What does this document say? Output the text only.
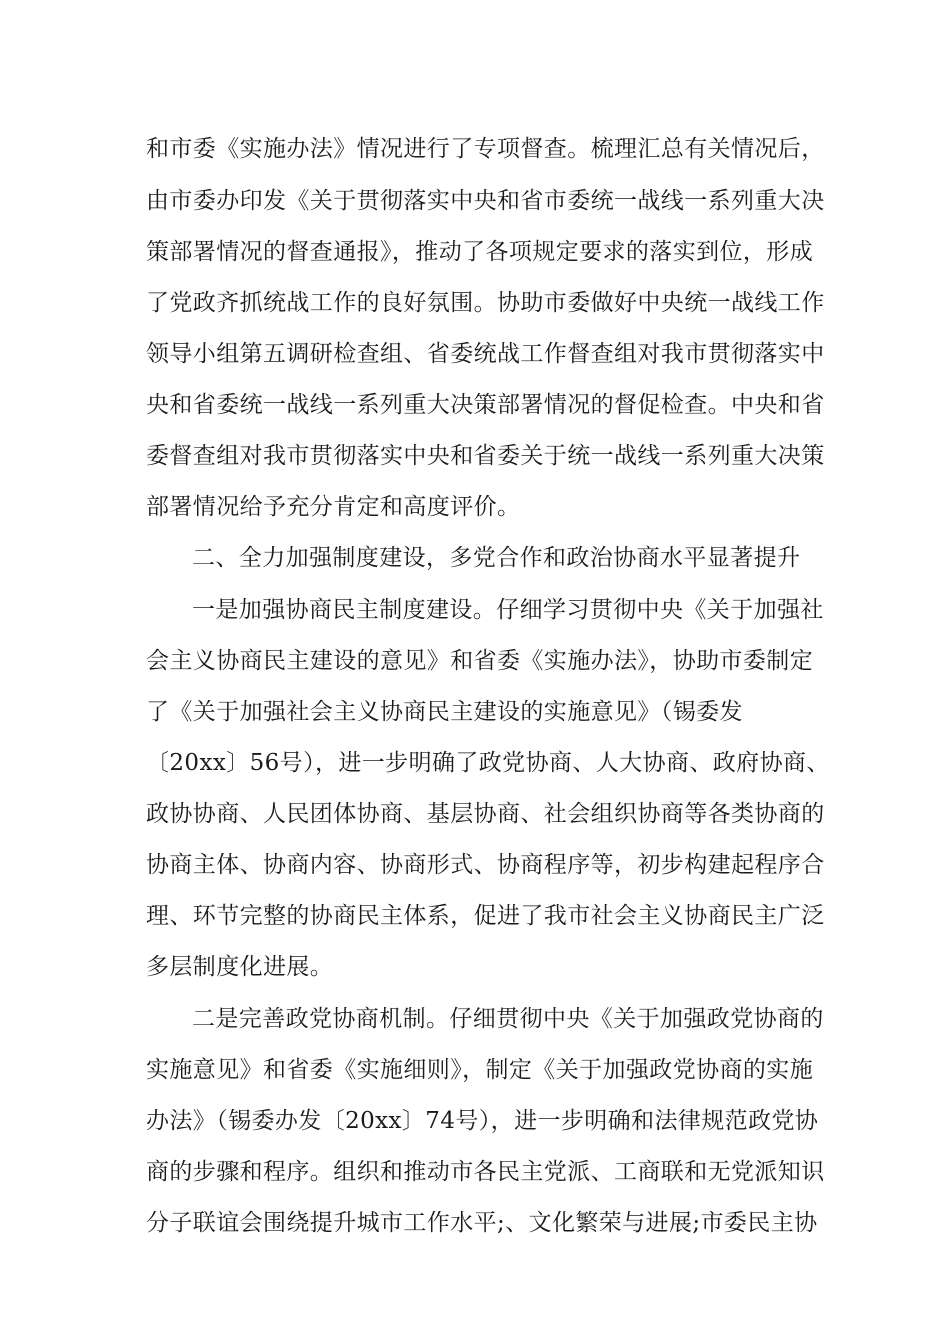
和市委《实施办法》情况进行了专项督查。梳理汇总有关情况后，
由市委办印发《关于贯彻落实中央和省市委统一战线一系列重大决
策部署情况的督查通报》，推动了各项规定要求的落实到位，形成
了党政齐抓统战工作的良好氛围。协助市委做好中央统一战线工作
领导小组第五调研检查组、省委统战工作督查组对我市贯彻落实中
央和省委统一战线一系列重大决策部署情况的督促检查。中央和省
委督查组对我市贯彻落实中央和省委关于统一战线一系列重大决策
部署情况给予充分肯定和高度评价。
二、全力加强制度建设，多党合作和政治协商水平显著提升
一是加强协商民主制度建设。仔细学习贯彻中央《关于加强社
会主义协商民主建设的意见》和省委《实施办法》，协助市委制定
了《关于加强社会主义协商民主建设的实施意见》（锡委发
〔20xx〕56号），进一步明确了政党协商、人大协商、政府协商、
政协协商、人民团体协商、基层协商、社会组织协商等各类协商的
协商主体、协商内容、协商形式、协商程序等，初步构建起程序合
理、环节完整的协商民主体系，促进了我市社会主义协商民主广泛
多层制度化进展。
二是完善政党协商机制。仔细贯彻中央《关于加强政党协商的
实施意见》和省委《实施细则》，制定《关于加强政党协商的实施
办法》（锡委办发〔20xx〕74号），进一步明确和法律规范政党协
商的步骤和程序。组织和推动市各民主党派、工商联和无党派知识
分子联谊会围绕提升城市工作水平;、文化繁荣与进展;市委民主协
